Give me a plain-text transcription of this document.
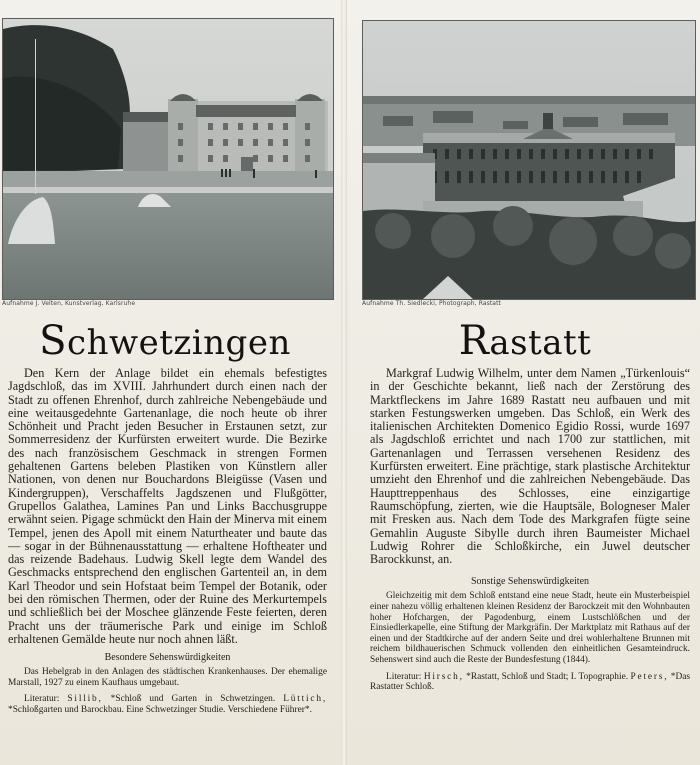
Aufnahme J. Velten, Kunstverlag, Karlsruhe
Schwetzingen

Den Kern der Anlage bildet ein ehemals befestigtes Jagdschloß, das im XVIII. Jahrhundert durch einen nach der Stadt zu offenen Ehrenhof, durch zahlreiche Nebengebäude und eine weitausgedehnte Gartenanlage, die noch heute ob ihrer Schönheit und Pracht jeden Besucher in Erstaunen setzt, zur Sommerresidenz der Kurfürsten erweitert wurde. Die Bezirke des nach französischem Geschmack in strengen Formen gehaltenen Gartens beleben Plastiken von Künstlern aller Nationen, von denen nur Bouchardons Bleigüsse (Vasen und Kindergruppen), Verschaffelts Jagdszenen und Flußgötter, Grupellos Galathea, Lamines Pan und Links Bacchusgruppe erwähnt seien. Pigage schmückt den Hain der Minerva mit einem Tempel, jenen des Apoll mit einem Naturtheater und baute das — sogar in der Bühnenausstattung — erhaltene Hoftheater und das reizende Badehaus. Ludwig Skell legte dem Wandel des Geschmacks entsprechend den englischen Gartenteil an, in dem Karl Theodor und sein Hofstaat beim Tempel der Botanik, oder bei den römischen Thermen, oder der Ruine des Merkurtempels und schließlich bei der Moschee glänzende Feste feierten, deren Pracht uns der träumerische Park und einige im Schloß erhaltenen Gemälde heute nur noch ahnen läßt.

Besondere Sehenswürdigkeiten

Das Hebelgrab in den Anlagen des städtischen Krankenhauses. Der ehemalige Marstall, 1927 zu einem Kaufhaus umgebaut.

Literatur: Sillib, *Schloß und Garten in Schwetzingen. Lüttich, *Schloßgarten und Barockbau. Eine Schwetzinger Studie. Verschiedene Führer*.

Aufnahme Th. Siedlecki, Photograph, Rastatt
Rastatt

Markgraf Ludwig Wilhelm, unter dem Namen „Türkenlouis“ in der Geschichte bekannt, ließ nach der Zerstörung des Marktfleckens im Jahre 1689 Rastatt neu aufbauen und mit starken Festungswerken umgeben. Das Schloß, ein Werk des italienischen Architekten Domenico Egidio Rossi, wurde 1697 als Jagdschloß errichtet und nach 1700 zur stattlichen, mit Gartenanlagen und Terrassen versehenen Residenz des Kurfürsten erweitert. Eine prächtige, stark plastische Architektur umzieht den Ehrenhof und die zahlreichen Nebengebäude. Das Haupttreppenhaus des Schlosses, eine einzigartige Raumschöpfung, zierten, wie die Hauptsäle, Bologneser Maler mit Fresken aus. Nach dem Tode des Markgrafen fügte seine Gemahlin Auguste Sibylle durch ihren Baumeister Michael Ludwig Rohrer die Schloßkirche, ein Juwel deutscher Barockkunst, an.

Sonstige Sehenswürdigkeiten

Gleichzeitig mit dem Schloß entstand eine neue Stadt, heute ein Musterbeispiel einer nahezu völlig erhaltenen kleinen Residenz der Barockzeit mit den Wohnbauten hoher Hofchargen, der Pagodenburg, einem Lustschlößchen und der Einsiedlerkapelle, eine Stiftung der Markgräfin. Der Marktplatz mit Rathaus auf der einen und der Stadtkirche auf der andern Seite und drei wohlerhaltene Brunnen mit reichem bildhauerischen Schmuck vollenden den einheitlichen Gesamteindruck. Sehenswert sind auch die Reste der Bundesfestung (1844).

Literatur: Hirsch, *Rastatt, Schloß und Stadt; I. Topographie. Peters, *Das Rastatter Schloß.
